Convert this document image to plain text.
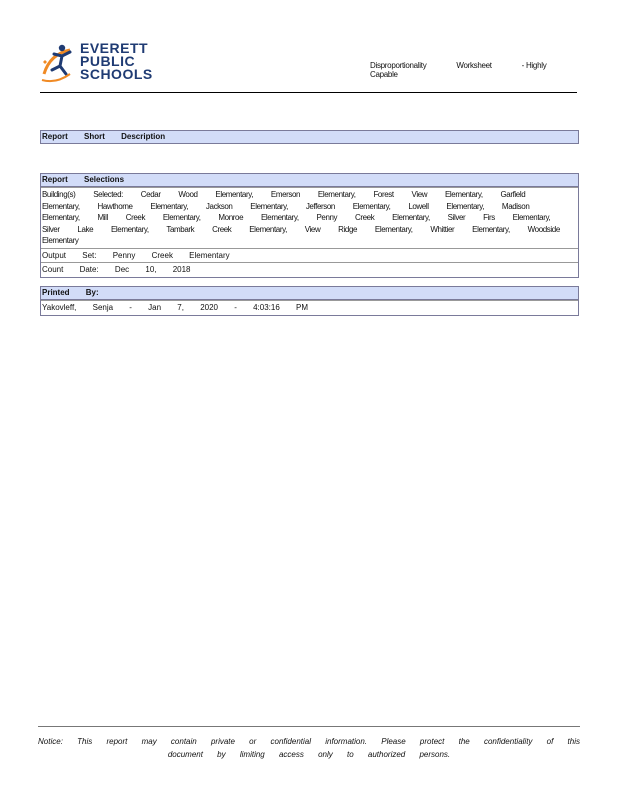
EVERETT
PUBLIC
SCHOOLS
Disproportionality	Worksheet	- Highly Capable
Report Short Description
Report Selections
Building(s) Selected: Cedar Wood Elementary, Emerson Elementary, Forest View Elementary, Garfield Elementary, Hawthorne Elementary, Jackson Elementary, Jefferson Elementary, Lowell Elementary, Madison Elementary, Mill Creek Elementary, Monroe Elementary, Penny Creek Elementary, Silver Firs Elementary, Silver Lake Elementary, Tambark Creek Elementary, View Ridge Elementary, Whittier Elementary, Woodside Elementary
Output Set: Penny Creek Elementary
Count Date: Dec 10, 2018
Printed By:
Yakovleff, Senja - Jan 7, 2020 - 4:03:16 PM
Notice: This report may contain private or confidential information. Please protect the confidentiality of this document by limiting access only to authorized persons.
